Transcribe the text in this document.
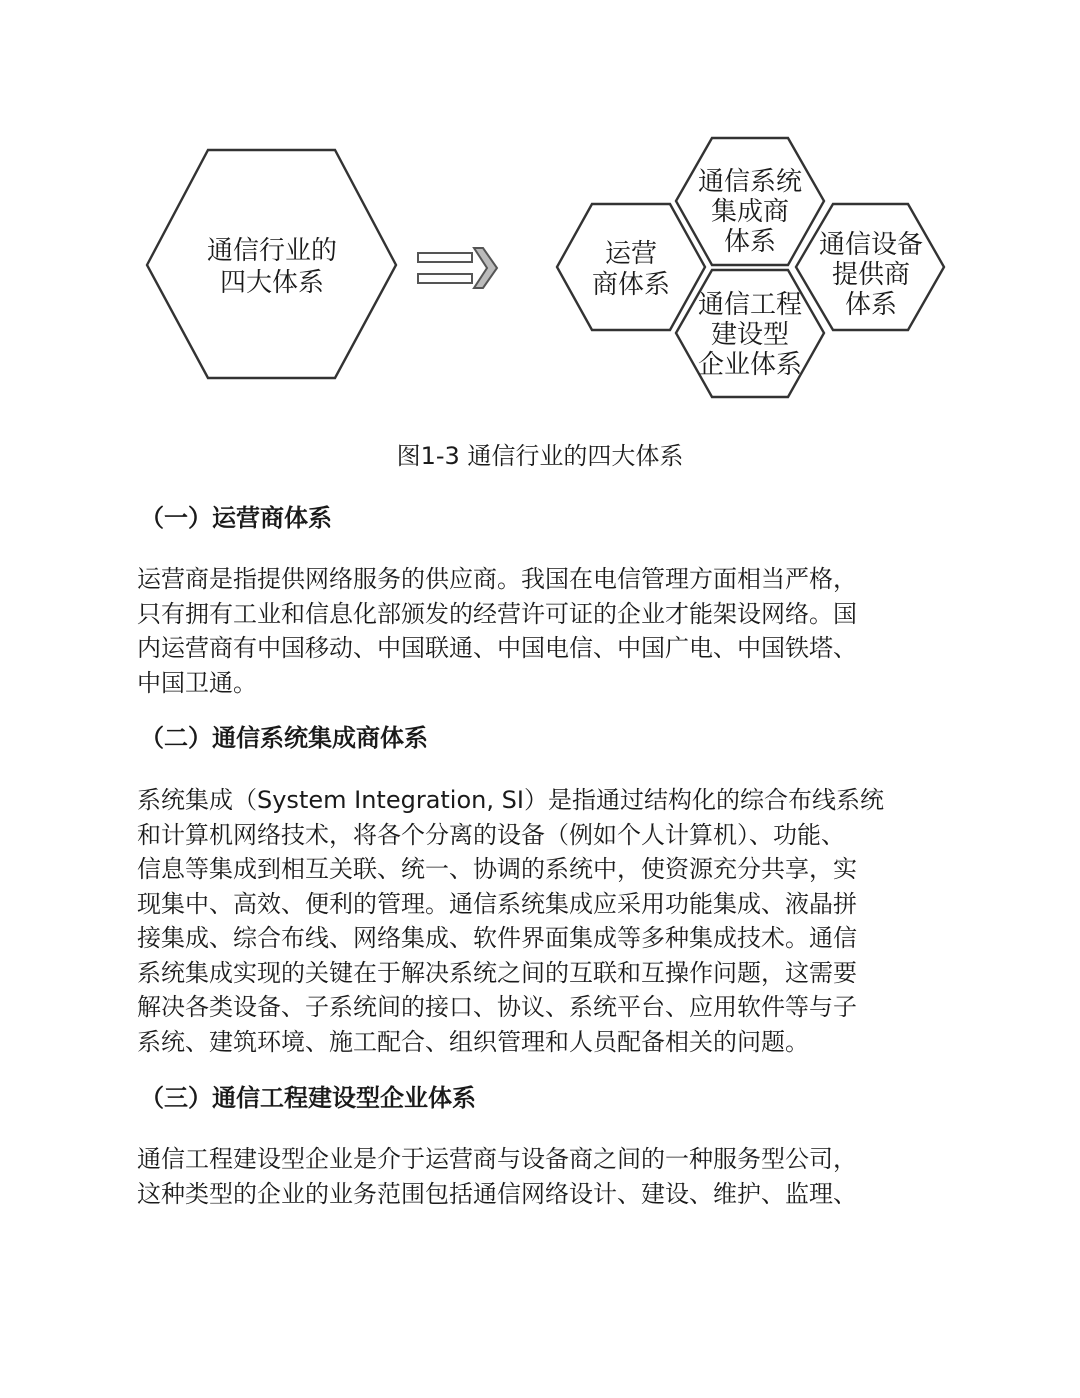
通信行业的
四大体系
运营
商体系
通信设备
提供商
体系
通信系统
集成商
体系
通信工程
建设型
企业体系
图1-3 通信行业的四大体系
（一）运营商体系

运营商是指提供网络服务的供应商。我国在电信管理方面相当严格，
只有拥有工业和信息化部颁发的经营许可证的企业才能架设网络。国
内运营商有中国移动、中国联通、中国电信、中国广电、中国铁塔、
中国卫通。

（二）通信系统集成商体系

系统集成（System Integration, SI）是指通过结构化的综合布线系统
和计算机网络技术，将各个分离的设备（例如个人计算机）、功能、
信息等集成到相互关联、统一、协调的系统中，使资源充分共享，实
现集中、高效、便利的管理。通信系统集成应采用功能集成、液晶拼
接集成、综合布线、网络集成、软件界面集成等多种集成技术。通信
系统集成实现的关键在于解决系统之间的互联和互操作问题，这需要
解决各类设备、子系统间的接口、协议、系统平台、应用软件等与子
系统、建筑环境、施工配合、组织管理和人员配备相关的问题。

（三）通信工程建设型企业体系

通信工程建设型企业是介于运营商与设备商之间的一种服务型公司，
这种类型的企业的业务范围包括通信网络设计、建设、维护、监理、
